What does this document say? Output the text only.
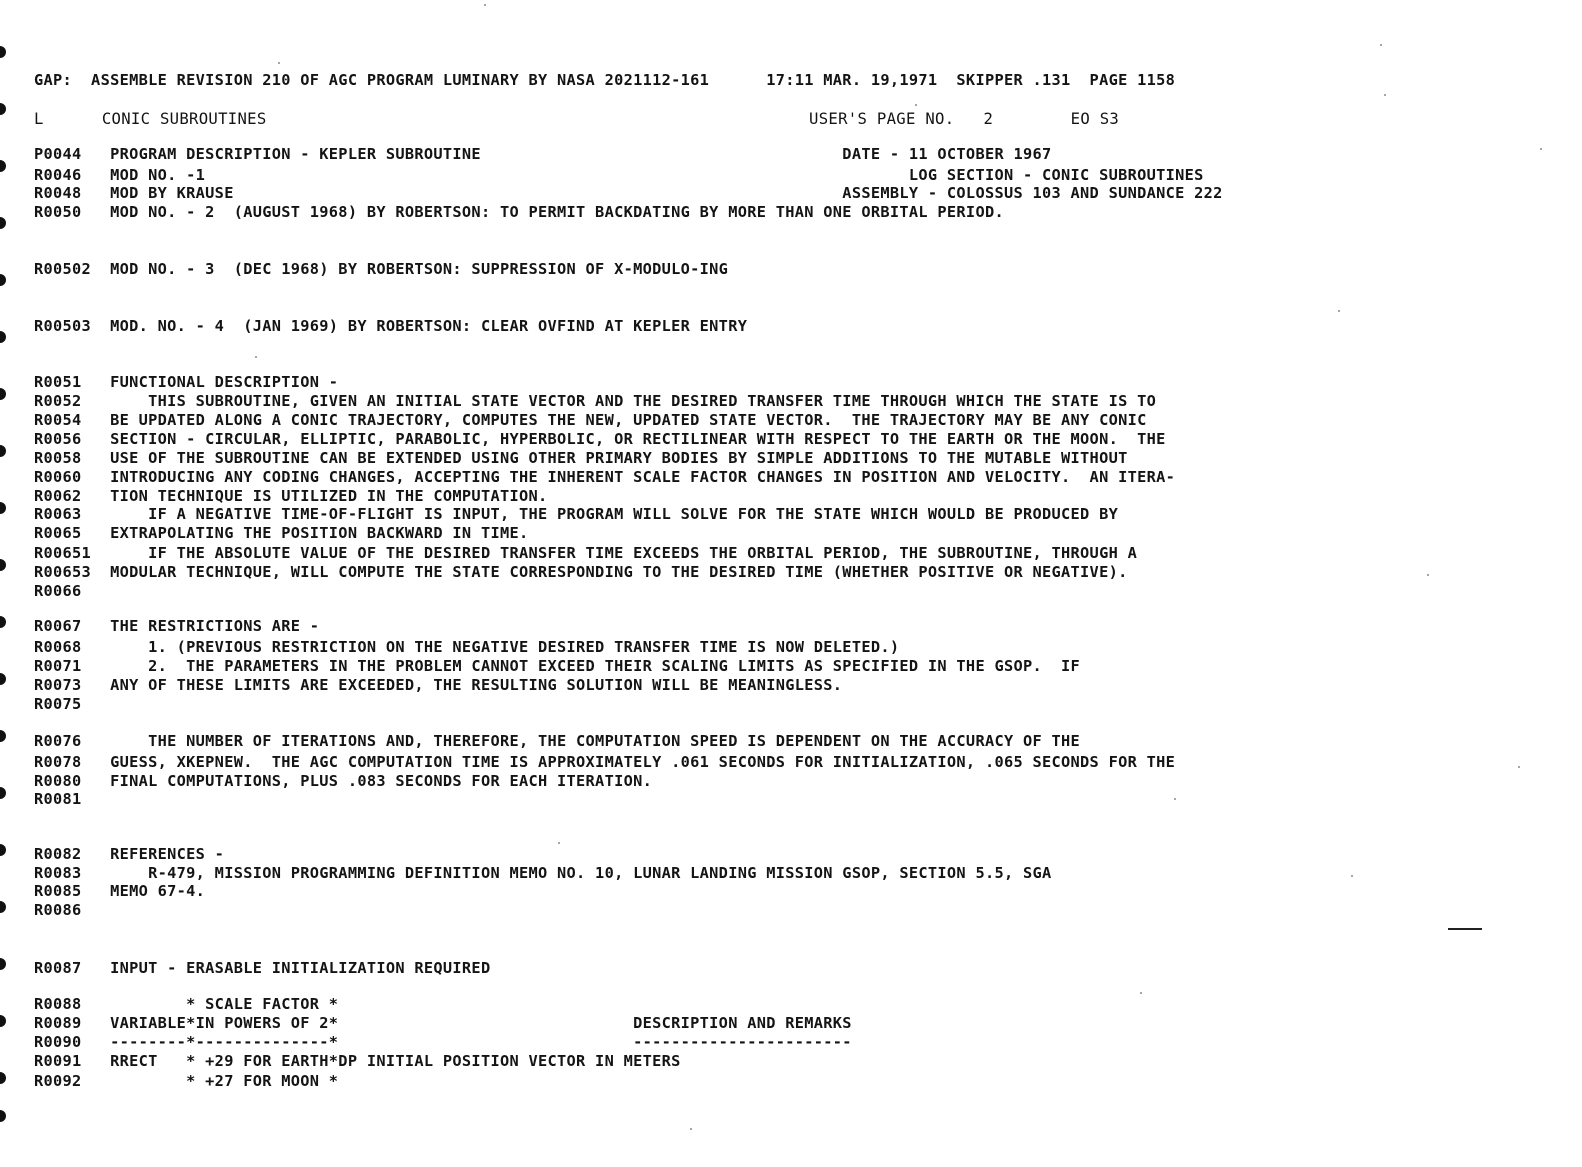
GAP:  ASSEMBLE REVISION 210 OF AGC PROGRAM LUMINARY BY NASA 2021112-161      17:11 MAR. 19,1971  SKIPPER .131  PAGE 1158
L      CONIC SUBROUTINES                                                        USER'S PAGE NO.   2        EO S3
P0044   PROGRAM DESCRIPTION - KEPLER SUBROUTINE                                      DATE - 11 OCTOBER 1967
R0046   MOD NO. -1                                                                          LOG SECTION - CONIC SUBROUTINES
R0048   MOD BY KRAUSE                                                                ASSEMBLY - COLOSSUS 103 AND SUNDANCE 222
R0050   MOD NO. - 2  (AUGUST 1968) BY ROBERTSON: TO PERMIT BACKDATING BY MORE THAN ONE ORBITAL PERIOD.
R00502  MOD NO. - 3  (DEC 1968) BY ROBERTSON: SUPPRESSION OF X-MODULO-ING
R00503  MOD. NO. - 4  (JAN 1969) BY ROBERTSON: CLEAR OVFIND AT KEPLER ENTRY
R0051   FUNCTIONAL DESCRIPTION -
R0052       THIS SUBROUTINE, GIVEN AN INITIAL STATE VECTOR AND THE DESIRED TRANSFER TIME THROUGH WHICH THE STATE IS TO
R0054   BE UPDATED ALONG A CONIC TRAJECTORY, COMPUTES THE NEW, UPDATED STATE VECTOR.  THE TRAJECTORY MAY BE ANY CONIC
R0056   SECTION - CIRCULAR, ELLIPTIC, PARABOLIC, HYPERBOLIC, OR RECTILINEAR WITH RESPECT TO THE EARTH OR THE MOON.  THE
R0058   USE OF THE SUBROUTINE CAN BE EXTENDED USING OTHER PRIMARY BODIES BY SIMPLE ADDITIONS TO THE MUTABLE WITHOUT
R0060   INTRODUCING ANY CODING CHANGES, ACCEPTING THE INHERENT SCALE FACTOR CHANGES IN POSITION AND VELOCITY.  AN ITERA-
R0062   TION TECHNIQUE IS UTILIZED IN THE COMPUTATION.
R0063       IF A NEGATIVE TIME-OF-FLIGHT IS INPUT, THE PROGRAM WILL SOLVE FOR THE STATE WHICH WOULD BE PRODUCED BY
R0065   EXTRAPOLATING THE POSITION BACKWARD IN TIME.
R00651      IF THE ABSOLUTE VALUE OF THE DESIRED TRANSFER TIME EXCEEDS THE ORBITAL PERIOD, THE SUBROUTINE, THROUGH A
R00653  MODULAR TECHNIQUE, WILL COMPUTE THE STATE CORRESPONDING TO THE DESIRED TIME (WHETHER POSITIVE OR NEGATIVE).
R0066
R0067   THE RESTRICTIONS ARE -
R0068       1. (PREVIOUS RESTRICTION ON THE NEGATIVE DESIRED TRANSFER TIME IS NOW DELETED.)
R0071       2.  THE PARAMETERS IN THE PROBLEM CANNOT EXCEED THEIR SCALING LIMITS AS SPECIFIED IN THE GSOP.  IF
R0073   ANY OF THESE LIMITS ARE EXCEEDED, THE RESULTING SOLUTION WILL BE MEANINGLESS.
R0075
R0076       THE NUMBER OF ITERATIONS AND, THEREFORE, THE COMPUTATION SPEED IS DEPENDENT ON THE ACCURACY OF THE
R0078   GUESS, XKEPNEW.  THE AGC COMPUTATION TIME IS APPROXIMATELY .061 SECONDS FOR INITIALIZATION, .065 SECONDS FOR THE
R0080   FINAL COMPUTATIONS, PLUS .083 SECONDS FOR EACH ITERATION.
R0081
R0082   REFERENCES -
R0083       R-479, MISSION PROGRAMMING DEFINITION MEMO NO. 10, LUNAR LANDING MISSION GSOP, SECTION 5.5, SGA
R0085   MEMO 67-4.
R0086
R0087   INPUT - ERASABLE INITIALIZATION REQUIRED
R0088           * SCALE FACTOR *
R0089   VARIABLE*IN POWERS OF 2*                               DESCRIPTION AND REMARKS
R0090   --------*--------------*                               -----------------------
R0091   RRECT   * +29 FOR EARTH*DP INITIAL POSITION VECTOR IN METERS
R0092           * +27 FOR MOON *
